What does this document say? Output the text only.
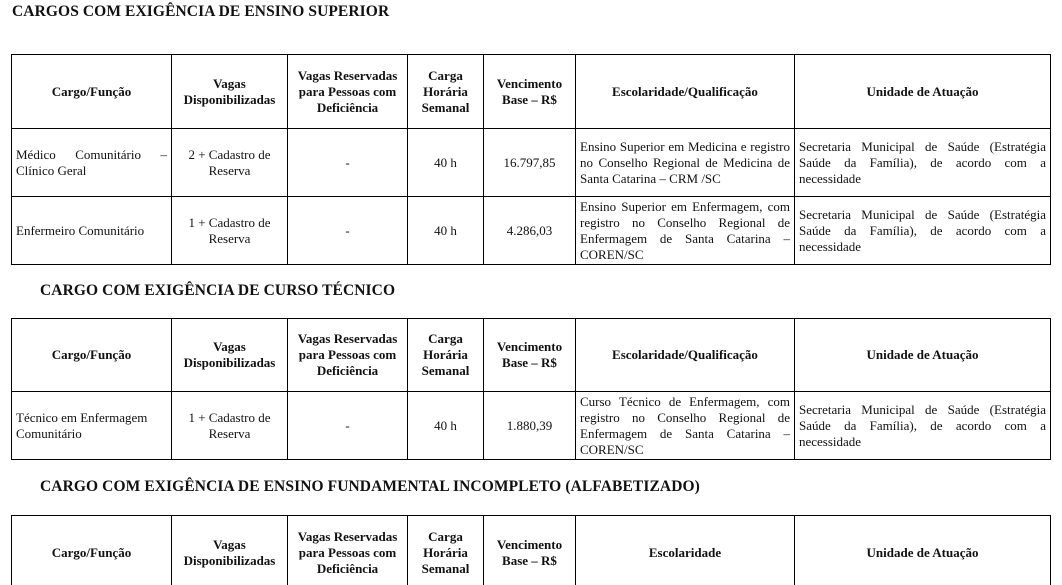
CARGOS COM EXIGÊNCIA DE ENSINO SUPERIOR
Cargo/Função	Vagas Disponibilizadas	Vagas Reservadas para Pessoas com Deficiência	Carga Horária Semanal	Vencimento Base – R$	Escolaridade/Qualificação	Unidade de Atuação
Médico Comunitário – Clínico Geral	2 + Cadastro de Reserva	-	40 h	16.797,85	Ensino Superior em Medicina e registro no Conselho Regional de Medicina de Santa Catarina – CRM /SC	Secretaria Municipal de Saúde (Estratégia Saúde da Família), de acordo com a necessidade
Enfermeiro Comunitário	1 + Cadastro de Reserva	-	40 h	4.286,03	Ensino Superior em Enfermagem, com registro no Conselho Regional de Enfermagem de Santa Catarina – COREN/SC	Secretaria Municipal de Saúde (Estratégia Saúde da Família), de acordo com a necessidade
CARGO COM EXIGÊNCIA DE CURSO TÉCNICO
Cargo/Função	Vagas Disponibilizadas	Vagas Reservadas para Pessoas com Deficiência	Carga Horária Semanal	Vencimento Base – R$	Escolaridade/Qualificação	Unidade de Atuação
Técnico em Enfermagem Comunitário	1 + Cadastro de Reserva	-	40 h	1.880,39	Curso Técnico de Enfermagem, com registro no Conselho Regional de Enfermagem de Santa Catarina – COREN/SC	Secretaria Municipal de Saúde (Estratégia Saúde da Família), de acordo com a necessidade
CARGO COM EXIGÊNCIA DE ENSINO FUNDAMENTAL INCOMPLETO (ALFABETIZADO)
Cargo/Função	Vagas Disponibilizadas	Vagas Reservadas para Pessoas com Deficiência	Carga Horária Semanal	Vencimento Base – R$	Escolaridade	Unidade de Atuação
